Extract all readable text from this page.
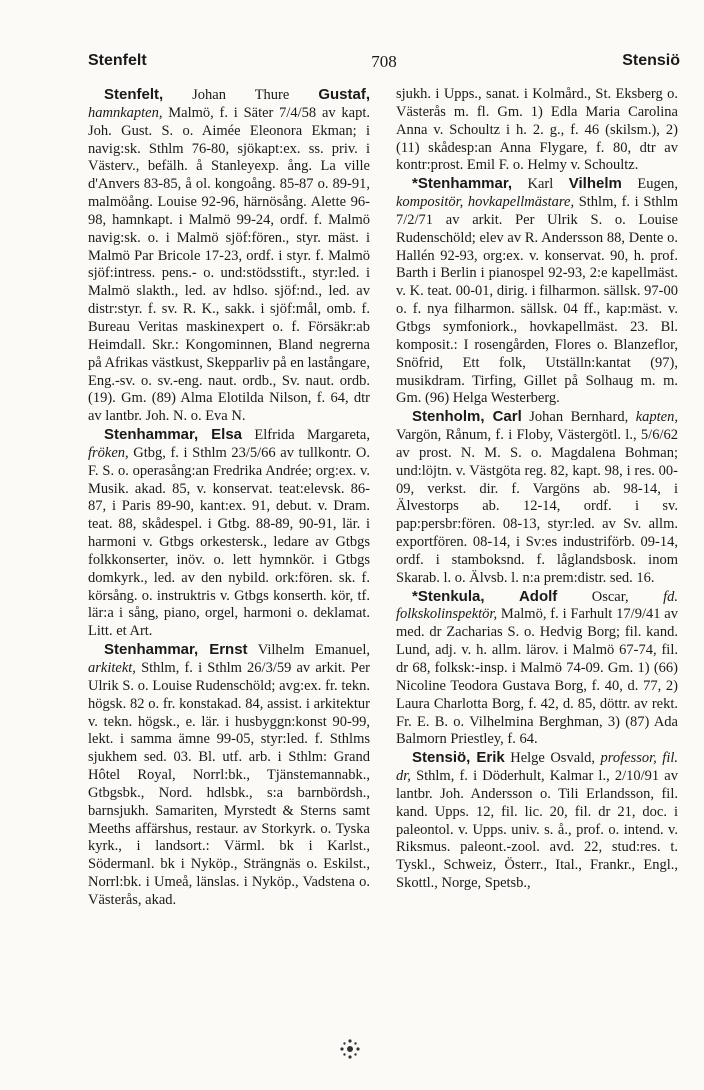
Stenfelt	708	Stensiö

Stenfelt, Johan Thure Gustaf, hamnkapten, Malmö, f. i Säter 7/4/58 av kapt. Joh. Gust. S. o. Aimée Eleonora Ekman; i navig:sk. Sthlm 76-80, sjökapt:ex. ss. priv. i Västerv., befälh. å Stanleyexp. ång. La ville d'Anvers 83-85, å ol. kongoång. 85-87 o. 89-91, malmöång. Louise 92-96, härnösång. Alette 96-98, hamnkapt. i Malmö 99-24, ordf. f. Malmö navig:sk. o. i Malmö sjöf:fören., styr. mäst. i Malmö Par Bricole 17-23, ordf. i styr. f. Malmö sjöf:intress. pens.- o. und:stödsstift., styr:led. i Malmö slakth., led. av hdlso. sjöf:nd., led. av distr:styr. f. sv. R. K., sakk. i sjöf:mål, omb. f. Bureau Veritas maskinexpert o. f. Försäkr:ab Heimdall. Skr.: Kongominnen, Bland negrerna på Afrikas västkust, Skepparliv på en lastångare, Eng.-sv. o. sv.-eng. naut. ordb., Sv. naut. ordb. (19). Gm. (89) Alma Elotilda Nilson, f. 64, dtr av lantbr. Joh. N. o. Eva N.

Stenhammar, Elsa Elfrida Margareta, fröken, Gtbg, f. i Sthlm 23/5/66 av tullkontr. O. F. S. o. operasång:an Fredrika Andrée; org:ex. v. Musik. akad. 85, v. konservat. teat:elevsk. 86-87, i Paris 89-90, kant:ex. 91, debut. v. Dram. teat. 88, skådespel. i Gtbg. 88-89, 90-91, lär. i harmoni v. Gtbgs orkestersk., ledare av Gtbgs folkkonserter, inöv. o. lett hymnkör. i Gtbgs domkyrk., led. av den nybild. ork:fören. sk. f. körsång. o. instruktris v. Gtbgs konserth. kör, tf. lär:a i sång, piano, orgel, harmoni o. deklamat. Litt. et Art.

Stenhammar, Ernst Vilhelm Emanuel, arkitekt, Sthlm, f. i Sthlm 26/3/59 av arkit. Per Ulrik S. o. Louise Rudenschöld; avg:ex. fr. tekn. högsk. 82 o. fr. konstakad. 84, assist. i arkitektur v. tekn. högsk., e. lär. i husbyggn:konst 90-99, lekt. i samma ämne 99-05, styr:led. f. Sthlms sjukhem sed. 03. Bl. utf. arb. i Sthlm: Grand Hôtel Royal, Norrl:bk., Tjänstemannabk., Gtbgsbk., Nord. hdlsbk., s:a barnbördsh., barnsjukh. Samariten, Myrstedt & Sterns samt Meeths affärshus, restaur. av Storkyrk. o. Tyska kyrk., i landsort.: Värml. bk i Karlst., Södermanl. bk i Nyköp., Strängnäs o. Eskilst., Norrl:bk. i Umeå, länslas. i Nyköp., Vadstena o. Västerås, akad.

sjukh. i Upps., sanat. i Kolmård., St. Eksberg o. Västerås m. fl. Gm. 1) Edla Maria Carolina Anna v. Schoultz i h. 2. g., f. 46 (skilsm.), 2) (11) skådesp:an Anna Flygare, f. 80, dtr av kontr:prost. Emil F. o. Helmy v. Schoultz.

*Stenhammar, Karl Vilhelm Eugen, kompositör, hovkapellmästare, Sthlm, f. i Sthlm 7/2/71 av arkit. Per Ulrik S. o. Louise Rudenschöld; elev av R. Andersson 88, Dente o. Hallén 92-93, org:ex. v. konservat. 90, h. prof. Barth i Berlin i pianospel 92-93, 2:e kapellmäst. v. K. teat. 00-01, dirig. i filharmon. sällsk. 97-00 o. f. nya filharmon. sällsk. 04 ff., kap:mäst. v. Gtbgs symfoniork., hovkapellmäst. 23. Bl. komposit.: I rosengården, Flores o. Blanzeflor, Snöfrid, Ett folk, Utställn:kantat (97), musikdram. Tirfing, Gillet på Solhaug m. m. Gm. (96) Helga Westerberg.

Stenholm, Carl Johan Bernhard, kapten, Vargön, Rånum, f. i Floby, Västergötl. l., 5/6/62 av prost. N. M. S. o. Magdalena Bohman; und:löjtn. v. Västgöta reg. 82, kapt. 98, i res. 00-09, verkst. dir. f. Vargöns ab. 98-14, i Älvestorps ab. 12-14, ordf. i sv. pap:persbr:fören. 08-13, styr:led. av Sv. allm. exportfören. 08-14, i Sv:es industriförb. 09-14, ordf. i stamboksnd. f. låglandsbosk. inom Skarab. l. o. Älvsb. l. n:a prem:distr. sed. 16.

*Stenkula, Adolf Oscar, fd. folkskolinspektör, Malmö, f. i Farhult 17/9/41 av med. dr Zacharias S. o. Hedvig Borg; fil. kand. Lund, adj. v. h. allm. lärov. i Malmö 67-74, fil. dr 68, folksk:-insp. i Malmö 74-09. Gm. 1) (66) Nicoline Teodora Gustava Borg, f. 40, d. 77, 2) Laura Charlotta Borg, f. 42, d. 85, döttr. av rekt. Fr. E. B. o. Vilhelmina Berghman, 3) (87) Ada Balmorn Priestley, f. 64.

Stensiö, Erik Helge Osvald, professor, fil. dr, Sthlm, f. i Döderhult, Kalmar l., 2/10/91 av lantbr. Joh. Andersson o. Tili Erlandsson, fil. kand. Upps. 12, fil. lic. 20, fil. dr 21, doc. i paleontol. v. Upps. univ. s. å., prof. o. intend. v. Riksmus. paleont.-zool. avd. 22, stud:res. t. Tyskl., Schweiz, Österr., Ital., Frankr., Engl., Skottl., Norge, Spetsb.,
